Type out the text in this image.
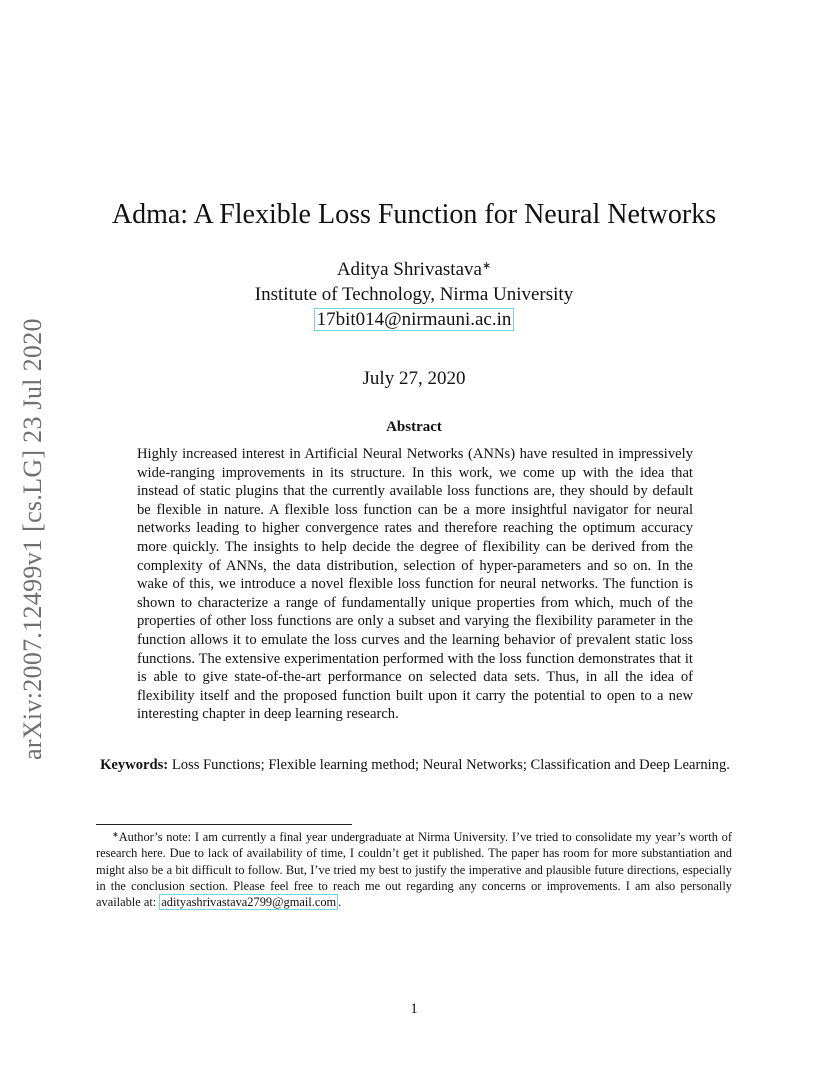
arXiv:2007.12499v1 [cs.LG] 23 Jul 2020
Adma: A Flexible Loss Function for Neural Networks
Aditya Shrivastava∗
Institute of Technology, Nirma University
17bit014@nirmauni.ac.in
July 27, 2020
Abstract
Highly increased interest in Artificial Neural Networks (ANNs) have resulted in impressively wide-ranging improvements in its structure. In this work, we come up with the idea that instead of static plugins that the currently available loss functions are, they should by default be flexible in nature. A flexible loss function can be a more insightful navigator for neural networks leading to higher convergence rates and therefore reaching the optimum accuracy more quickly. The insights to help decide the degree of flexibility can be derived from the complexity of ANNs, the data distribution, selection of hyper-parameters and so on. In the wake of this, we introduce a novel flexible loss function for neural networks. The function is shown to characterize a range of fundamentally unique properties from which, much of the properties of other loss functions are only a subset and varying the flexibility parameter in the function allows it to emulate the loss curves and the learning behavior of prevalent static loss functions. The extensive experimentation performed with the loss function demonstrates that it is able to give state-of-the-art performance on selected data sets. Thus, in all the idea of flexibility itself and the proposed function built upon it carry the potential to open to a new interesting chapter in deep learning research.
Keywords: Loss Functions; Flexible learning method; Neural Networks; Classification and Deep Learning.
∗Author’s note: I am currently a final year undergraduate at Nirma University. I’ve tried to consolidate my year’s worth of research here. Due to lack of availability of time, I couldn’t get it published. The paper has room for more substantiation and might also be a bit difficult to follow. But, I’ve tried my best to justify the imperative and plausible future directions, especially in the conclusion section. Please feel free to reach me out regarding any concerns or improvements. I am also personally available at: adityashrivastava2799@gmail.com .
1
